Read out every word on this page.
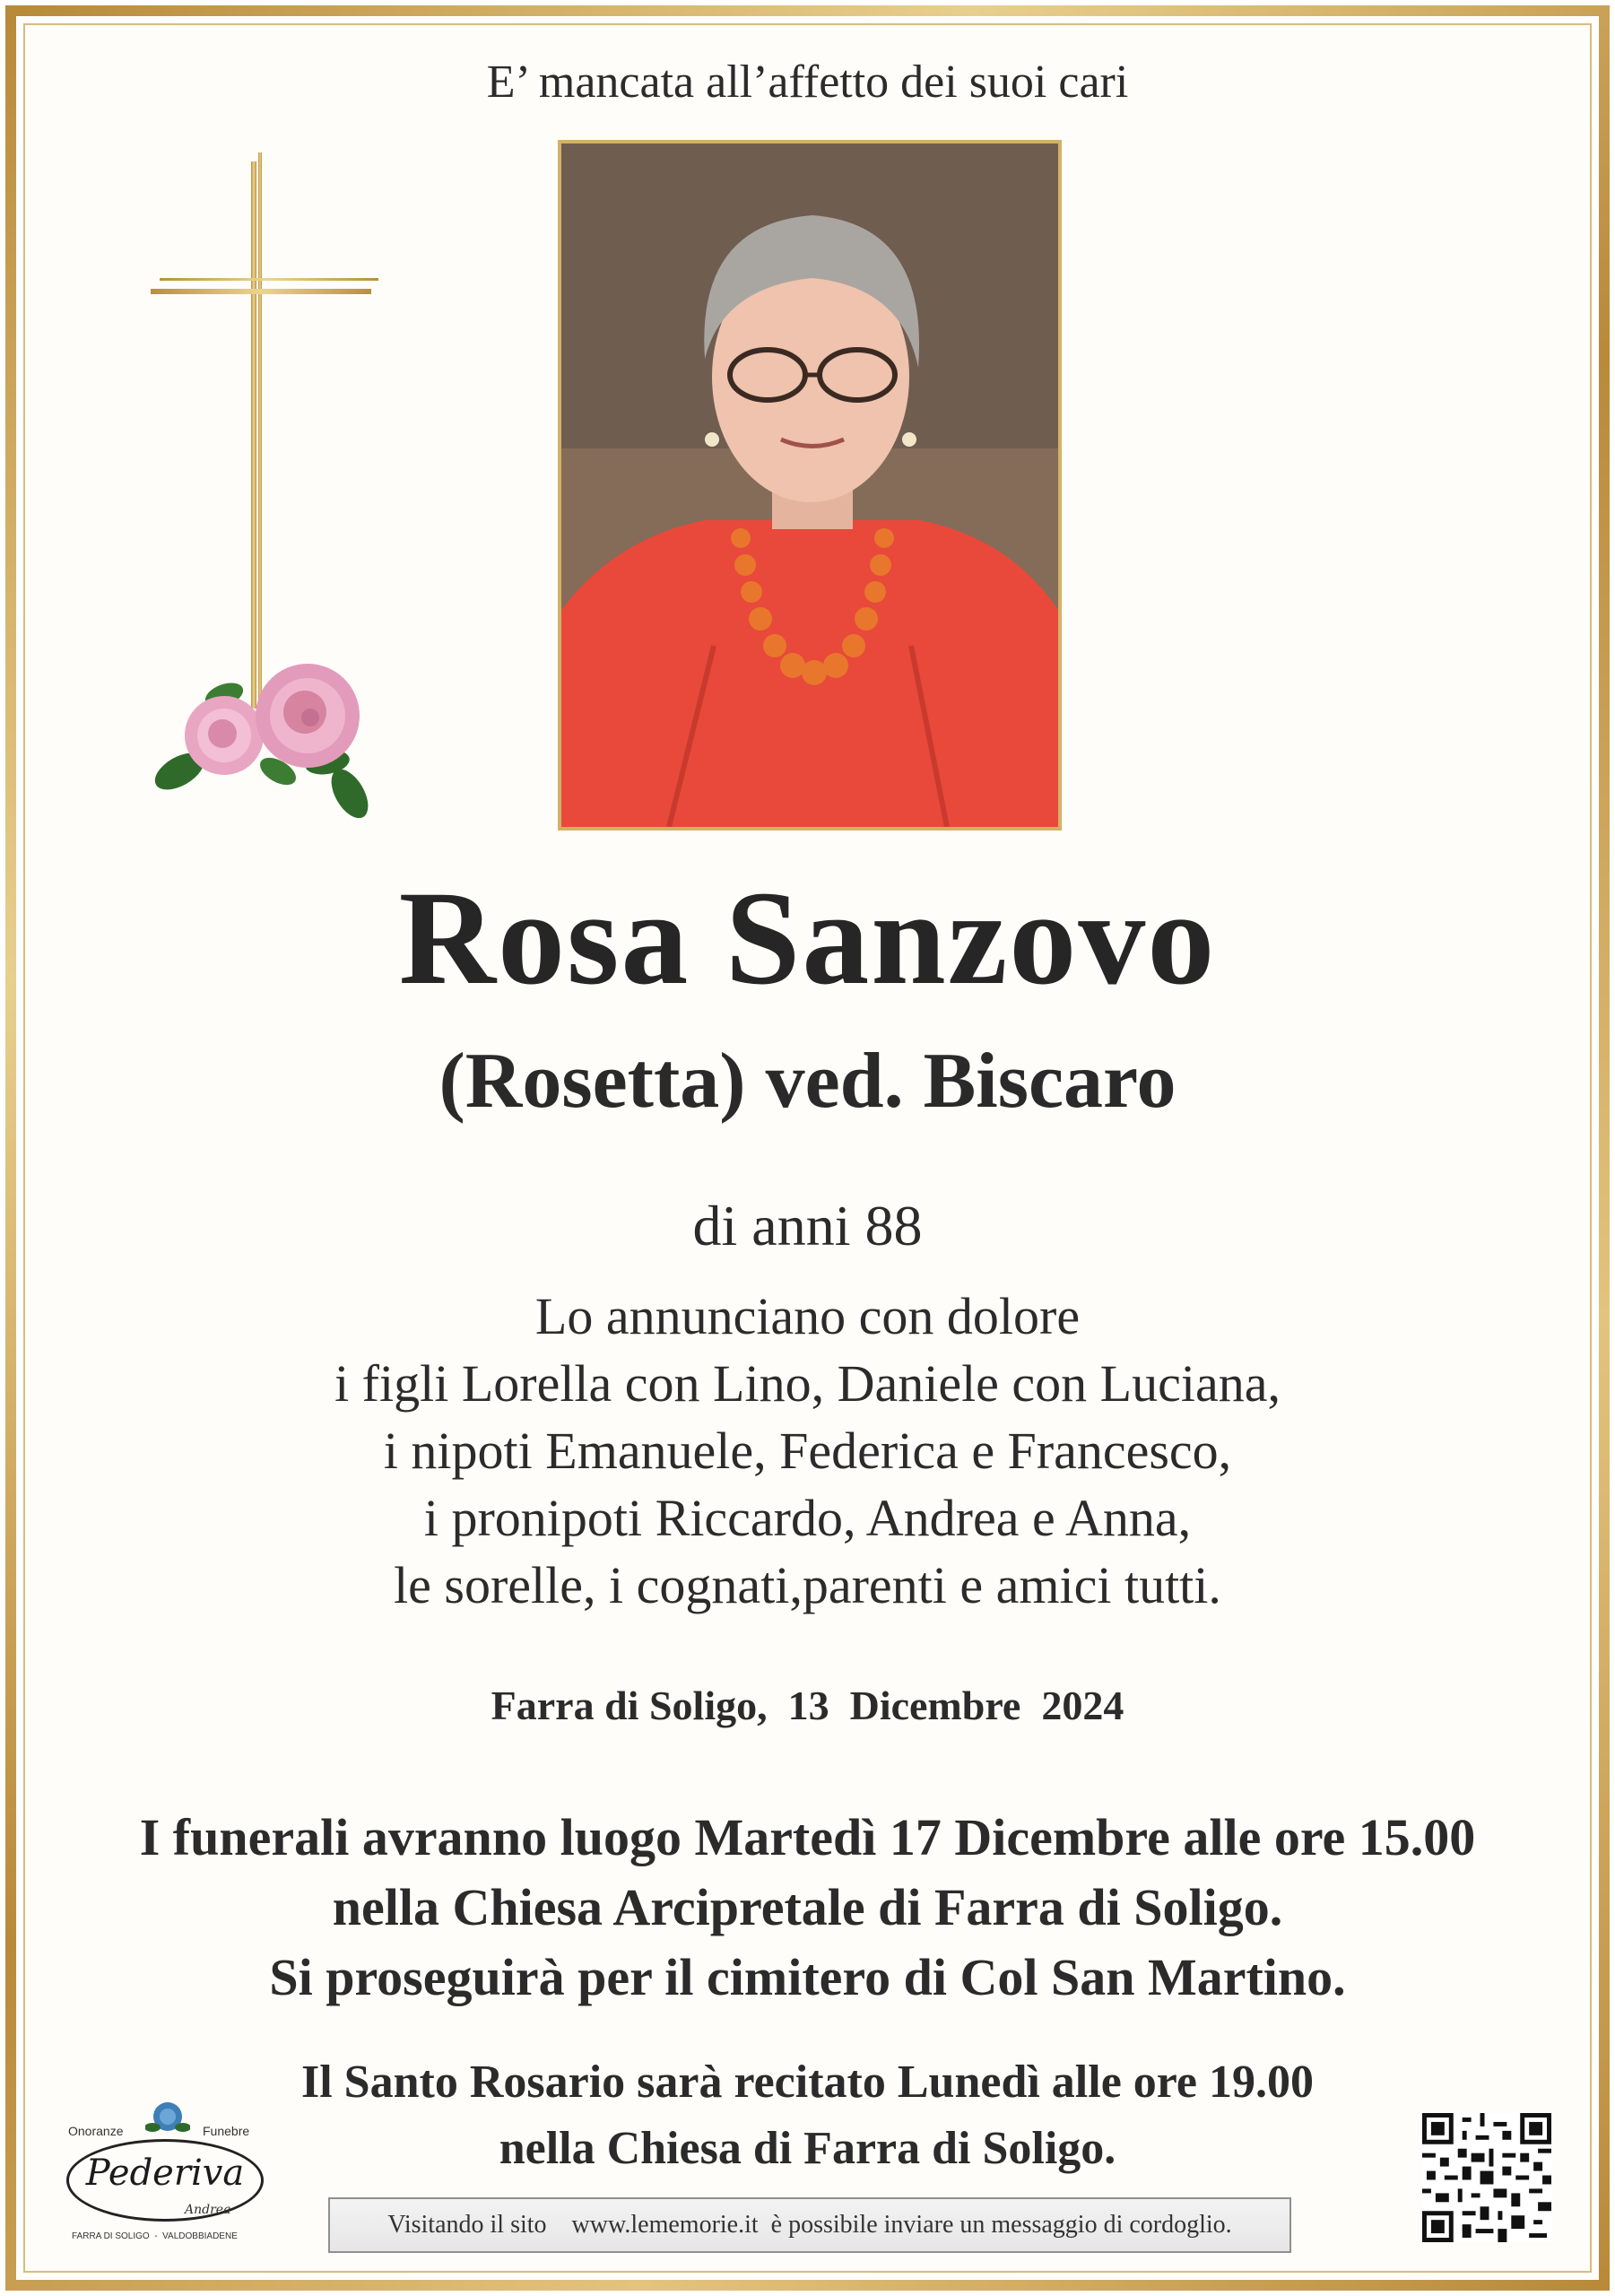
E’ mancata all’affetto dei suoi cari
Rosa Sanzovo
(Rosetta) ved. Biscaro
di anni 88
Lo annunciano con dolore
i figli Lorella con Lino, Daniele con Luciana,
i nipoti Emanuele, Federica e Francesco,
i pronipoti Riccardo, Andrea e Anna,
le sorelle, i cognati,parenti e amici tutti.
Farra di Soligo,  13  Dicembre  2024
I funerali avranno luogo Martedì 17 Dicembre alle ore 15.00
nella Chiesa Arcipretale di Farra di Soligo.
Si proseguirà per il cimitero di Col San Martino.
Il Santo Rosario sarà recitato Lunedì alle ore 19.00
nella Chiesa di Farra di Soligo.
Onoranze	Funebre
Pederiva
Andrea
FARRA DI SOLIGO  -  VALDOBBIADENE	Visitando il sito    www.lememorie.it  è possibile inviare un messaggio di cordoglio.
